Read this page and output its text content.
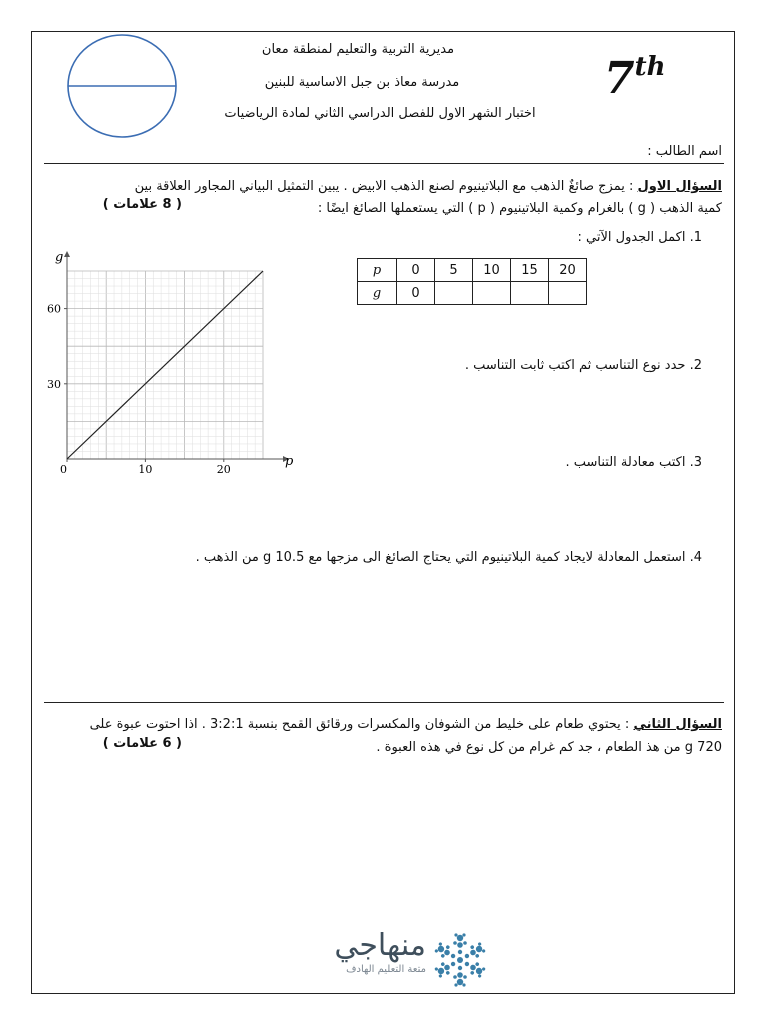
مديرية التربية والتعليم لمنطقة معان
مدرسة معاذ بن جبل الاساسية للبنين
اختبار الشهر الاول للفصل الدراسي الثاني لمادة الرياضيات
7th
اسم الطالب :
السؤال الاول : يمزج صائغٌ الذهب مع البلاتينيوم لصنع الذهب الابيض . يبين التمثيل البياني المجاور العلاقة بين
كمية الذهب ( g ) بالغرام وكمية البلاتينيوم ( p ) التي يستعملها الصائغ ايضًا :
( 8 علامات )
1. اكمل الجدول الآتي :
p	0	5	10	15	20
g	0				
2. حدد نوع التناسب ثم اكتب ثابت التناسب .
3. اكتب معادلة التناسب .
4. استعمل المعادلة لايجاد كمية البلاتينيوم التي يحتاج الصائغ الى مزجها مع 10.5 g من الذهب .
p
g
0	10	20
30
60
السؤال الثاني : يحتوي طعام على خليط من الشوفان والمكسرات ورقائق القمح بنسبة 3:2:1 . اذا احتوت عبوة على
720 g من هذ الطعام ، جد كم غرام من كل نوع في هذه العبوة .
( 6 علامات )
منهاجي
متعة التعليم الهادف
